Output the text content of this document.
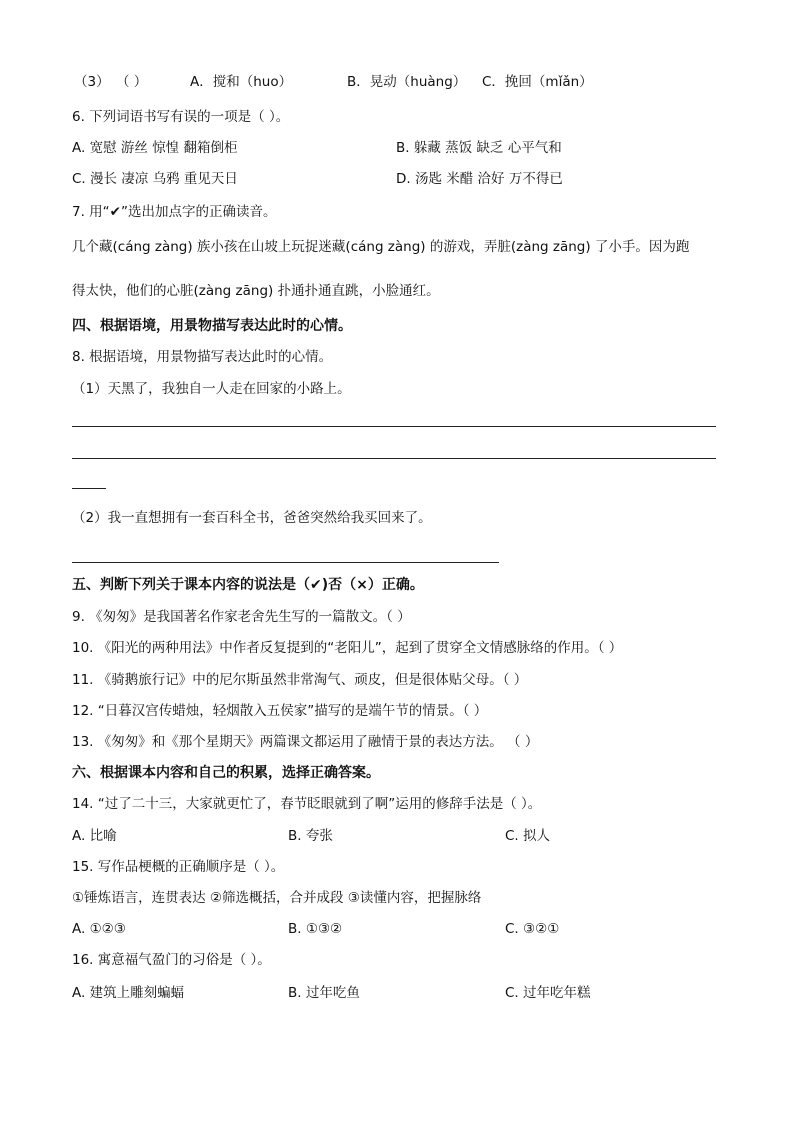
（3） （ ）	A．搅和（huo）	B．晃动（huàng） C．挽回（mǐǎn）
6. 下列词语书写有误的一项是（ ）。
A. 宽慰 游丝 惊惶 翻箱倒柜	B. 躲藏 蒸饭 缺乏 心平气和
C. 漫长 凄凉 乌鸦 重见天日	D. 汤匙 米醋 洽好 万不得已
7. 用“✔”选出加点字的正确读音。
几个藏(cáng zàng) 族小孩在山坡上玩捉迷藏(cáng zàng) 的游戏，弄脏(zàng zāng) 了小手。因为跑
得太快，他们的心脏(zàng zāng) 扑通扑通直跳，小脸通红。
四、根据语境，用景物描写表达此时的心情。
8. 根据语境，用景物描写表达此时的心情。
（1）天黑了，我独自一人走在回家的小路上。
（2）我一直想拥有一套百科全书，爸爸突然给我买回来了。
五、判断下列关于课本内容的说法是（✔)否（×）正确。
9. 《匆匆》是我国著名作家老舍先生写的一篇散文。（ ）
10. 《阳光的两种用法》中作者反复提到的“老阳儿”，起到了贯穿全文情感脉络的作用。（ ）
11. 《骑鹅旅行记》中的尼尔斯虽然非常淘气、顽皮，但是很体贴父母。（ ）
12. “日暮汉宫传蜡烛，轻烟散入五侯家”描写的是端午节的情景。（ ）
13. 《匆匆》和《那个星期天》两篇课文都运用了融情于景的表达方法。 （ ）
六、根据课本内容和自己的积累，选择正确答案。
14. “过了二十三，大家就更忙了，春节眨眼就到了啊”运用的修辞手法是（ ）。
A. 比喻	B. 夸张	C. 拟人
15. 写作品梗概的正确顺序是（ ）。
①锤炼语言，连贯表达 ②筛选概括，合并成段 ③读懂内容，把握脉络
A. ①②③	B. ①③②	C. ③②①
16. 寓意福气盈门的习俗是（ ）。
A. 建筑上雕刻蝙蝠	B. 过年吃鱼	C. 过年吃年糕
